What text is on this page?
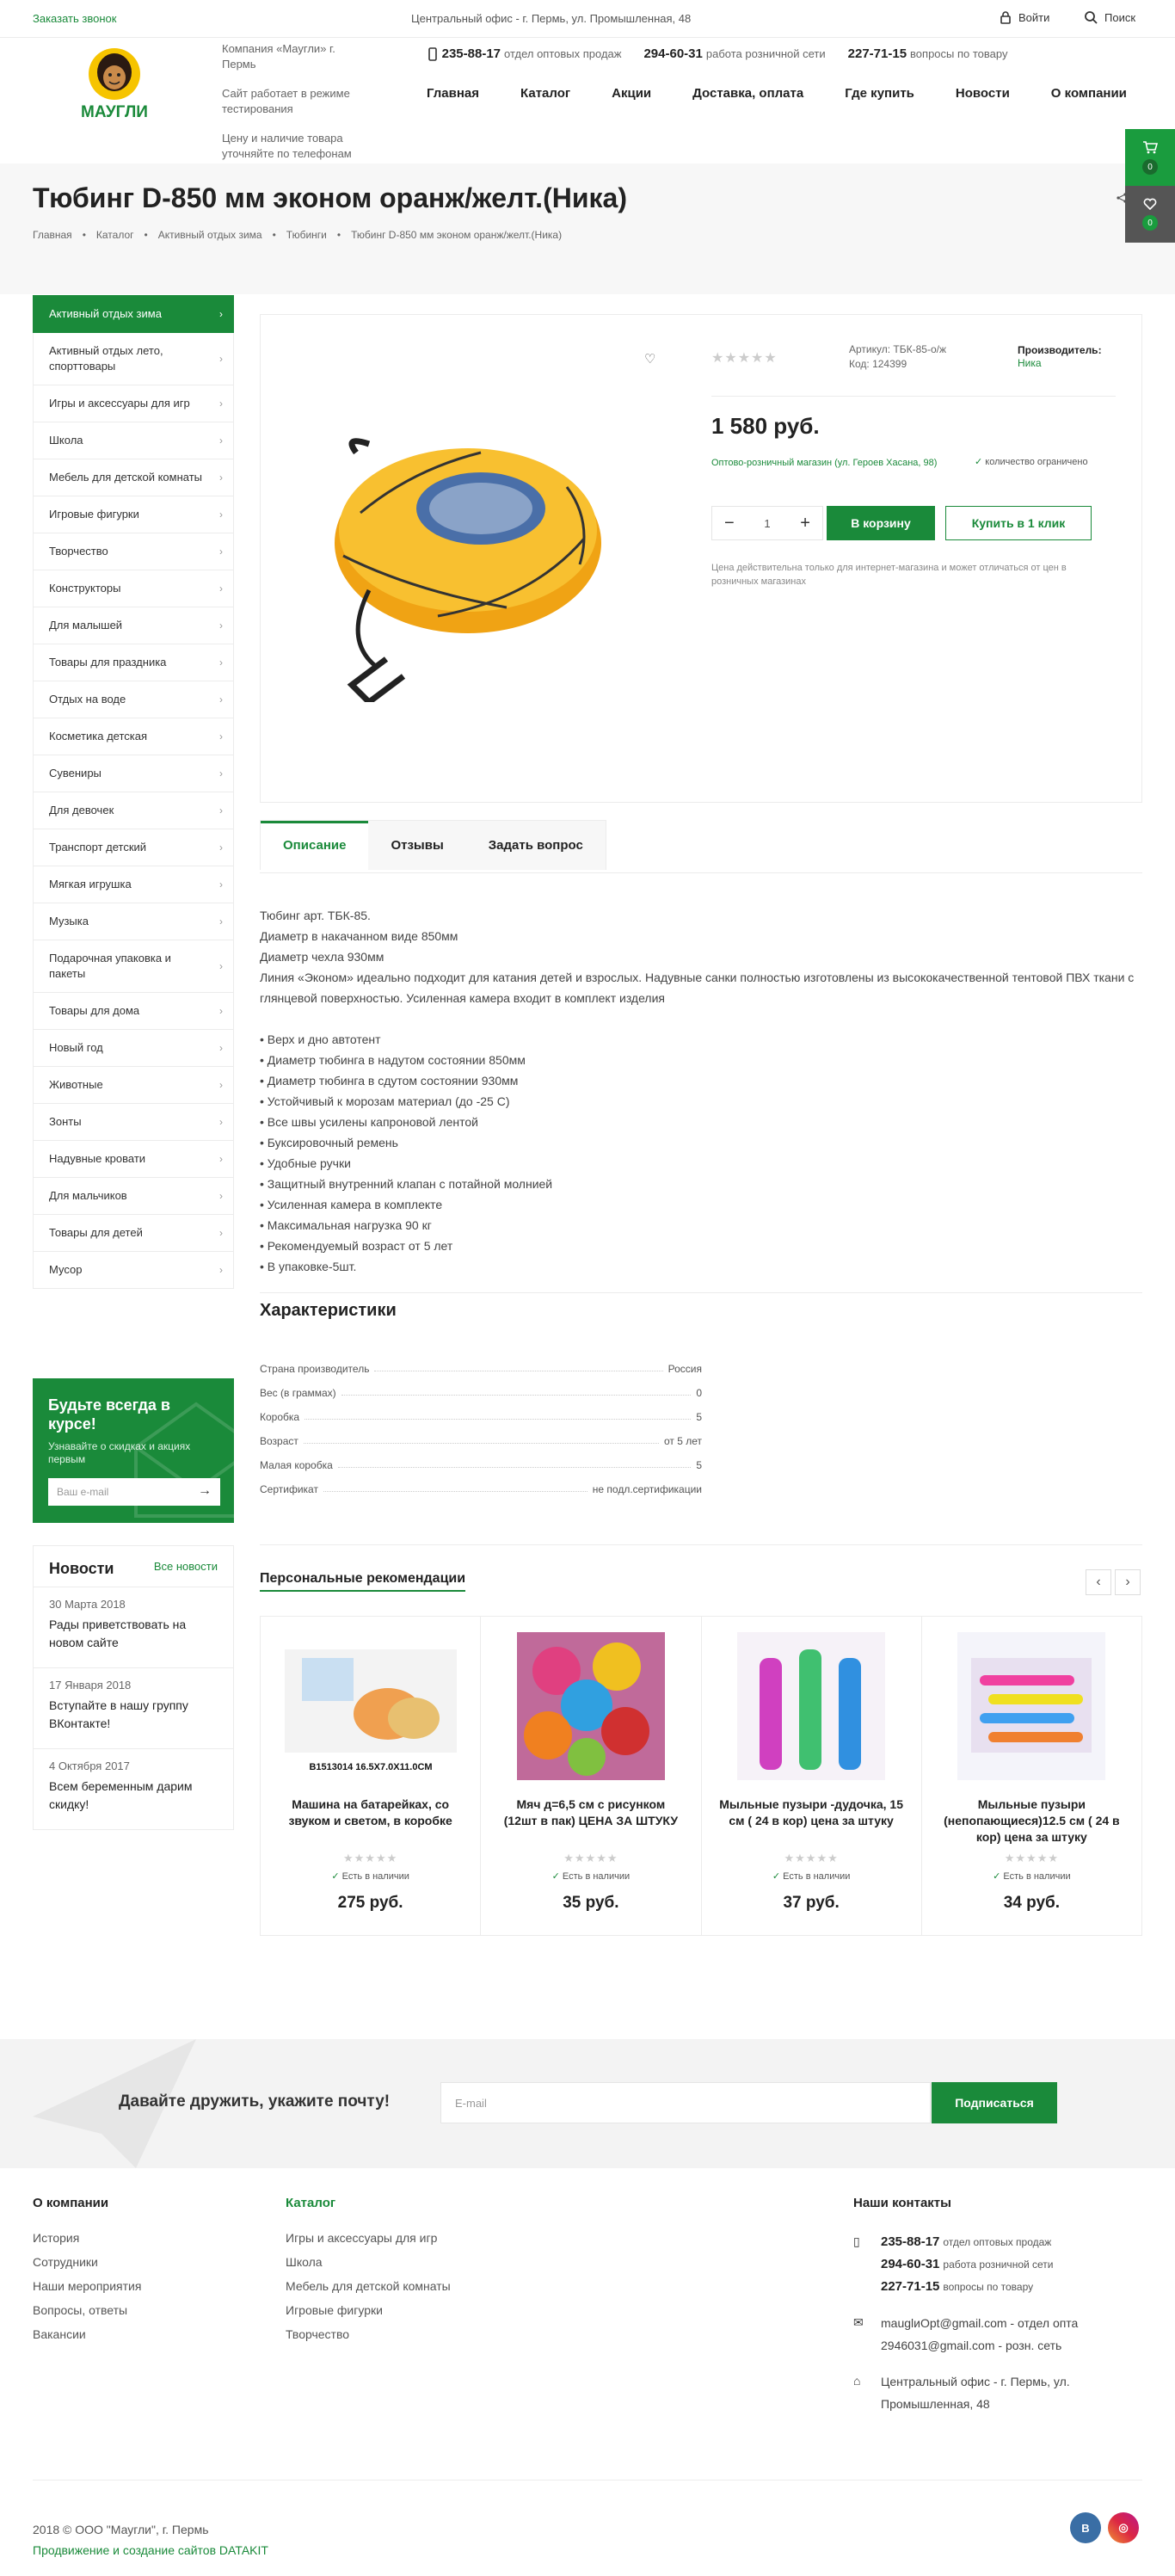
Заказать звонок	Центральный офис - г. Пермь, ул. Промышленная, 48	Войти	Поиск
МАУГЛИ

Компания «Маугли» г. Пермь

Сайт работает в режиме тестирования

Цену и наличие товара уточняйте по телефонам

235-88-17 отдел оптовых продаж 294-60-31 работа розничной сети 227-71-15 вопросы по товару
Главная	Каталог	Акции	Доставка, оплата	Где купить	Новости	О компании
0
0
Тюбинг D-850 мм эконом оранж/желт.(Ника)
Главная • Каталог • Активный отдых зима • Тюбинги • Тюбинг D-850 мм эконом оранж/желт.(Ника)
Активный отдых зима	›
Активный отдых лето, спорттовары
›
Игры и аксессуары для игр	›
Школа	›
Мебель для детской комнаты ›
Игровые фигурки	›
Творчество	›
Конструкторы	›
Для малышей	›
Товары для праздника	›
Отдых на воде	›
Косметика детская	›
Сувениры	›
Для девочек	›
Транспорт детский	›
Мягкая игрушка	›
Музыка	›
Подарочная упаковка и пакеты
›
Товары для дома	›
Новый год	›
Животные	›
Зонты	›
Надувные кровати	›
Для мальчиков	›
Товары для детей	›
Мусор	›
Будьте всегда в курсе!

Узнавайте о скидках и акциях первым

Ваш e-mail	→
Новости	Все новости
30 Марта 2018
Рады приветствовать на новом сайте
17 Января 2018
Вступайте в нашу группу ВКонтакте!
4 Октября 2017
Всем беременным дарим скидку!
♡	★★★★★
Артикул: ТБК-85-о/ж
Код: 124399
Производитель:
Ника
1 580 руб.
Оптово-розничный магазин (ул. Героев Хасана, 98)	✓ количество ограничено
−	1 +	В корзину	Купить в 1 клик
Цена действительна только для интернет-магазина и может отличаться от цен в розничных магазинах
Описание	Отзывы	Задать вопрос
Тюбинг арт. ТБК-85.
Диаметр в накачанном виде 850мм
Диаметр чехла 930мм
Линия «Эконом» идеально подходит для катания детей и взрослых. Надувные санки полностью изготовлены из высококачественной тентовой ПВХ ткани с глянцевой поверхностью. Усиленная камера входит в комплект изделия
• Верх и дно автотент
• Диаметр тюбинга в надутом состоянии 850мм
• Диаметр тюбинга в сдутом состоянии 930мм
• Устойчивый к морозам материал (до -25 С)
• Все швы усилены капроновой лентой
• Буксировочный ремень
• Удобные ручки
• Защитный внутренний клапан с потайной молнией
• Усиленная камера в комплекте
• Максимальная нагрузка 90 кг
• Рекомендуемый возраст от 5 лет
• В упаковке-5шт.
Характеристики
Страна производитель	Россия
Вес (в граммах)	0
Коробка	5
Возраст	от 5 лет
Малая коробка	5
Сертификат	не подл.сертификации
Персональные рекомендации	‹	›
B1513014 16.5X7.0X11.0CM
Машина на батарейках, со звуком и светом, в коробке
★★★★★
✓ Есть в наличии
275 руб.
Мяч д=6,5 см с рисунком (12шт в пак) ЦЕНА ЗА ШТУКУ
★★★★★
✓ Есть в наличии
35 руб.
Мыльные пузыри -дудочка, 15 см ( 24 в кор) цена за штуку
★★★★★
✓ Есть в наличии
37 руб.
Мыльные пузыри (непопающиеся)12.5 см ( 24 в кор) цена за штуку
★★★★★
✓ Есть в наличии
34 руб.
Давайте дружить, укажите почту!	E-mail	Подписаться
О компании
История
Сотрудники
Наши мероприятия
Вопросы, ответы
Вакансии
Каталог
Игры и аксессуары для игр
Школа
Мебель для детской комнаты
Игровые фигурки
Творчество
Наши контакты
▯	235-88-17 отдел оптовых продаж
294-60-31 работа розничной сети
227-71-15 вопросы по товару
✉	mauglиOpt@gmail.com - отдел опта
2946031@gmail.com - розн. сеть
⌂	Центральный офис - г. Пермь, ул. Промышленная, 48
2018 © ООО "Маугли", г. Пермь
Продвижение и создание сайтов DATAKIT
B	◎
